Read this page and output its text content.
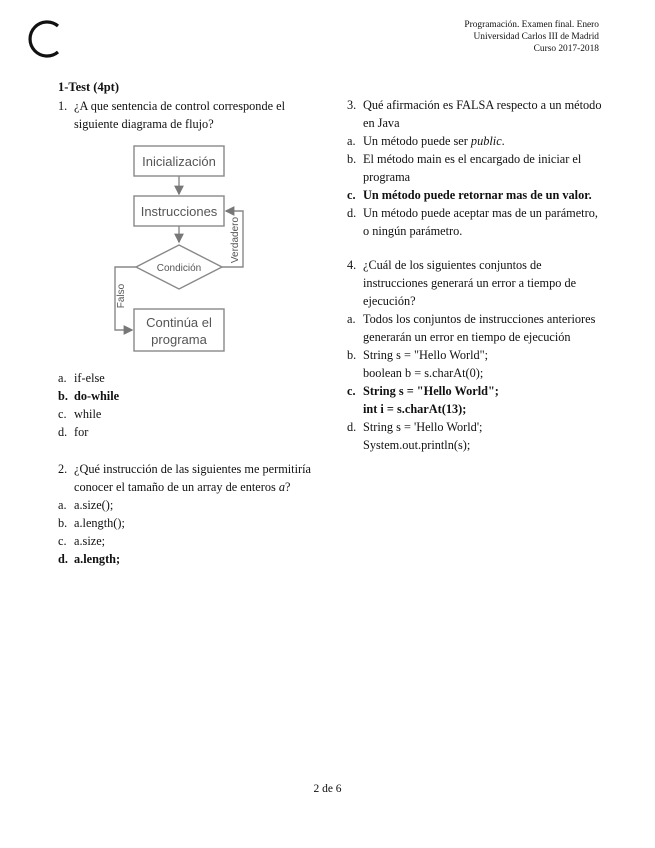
Programación. Examen final. Enero
Universidad Carlos III de Madrid
Curso 2017-2018
1-Test (4pt)
1. ¿A que sentencia de control corresponde el siguiente diagrama de flujo?
Inicialización
Instrucciones
Condición
Verdadero
Falso
Continúa el
programa
a. if-else
b. do-while
c. while
d. for
2. ¿Qué instrucción de las siguientes me permitiría conocer el tamaño de un array de enteros a?
a. a.size();
b. a.length();
c. a.size;
d. a.length;
3. Qué afirmación es FALSA respecto a un método en Java
a. Un método puede ser public.
b. El método main es el encargado de iniciar el programa
c. Un método puede retornar mas de un valor.
d. Un método puede aceptar mas de un parámetro, o ningún parámetro.
4. ¿Cuál de los siguientes conjuntos de instrucciones generará un error a tiempo de ejecución?
a. Todos los conjuntos de instrucciones anteriores generarán un error en tiempo de ejecución
b. String s = "Hello World";
boolean b = s.charAt(0);
c. String s = "Hello World";
int i = s.charAt(13);
d. String s = 'Hello World';
System.out.println(s);
2 de 6
